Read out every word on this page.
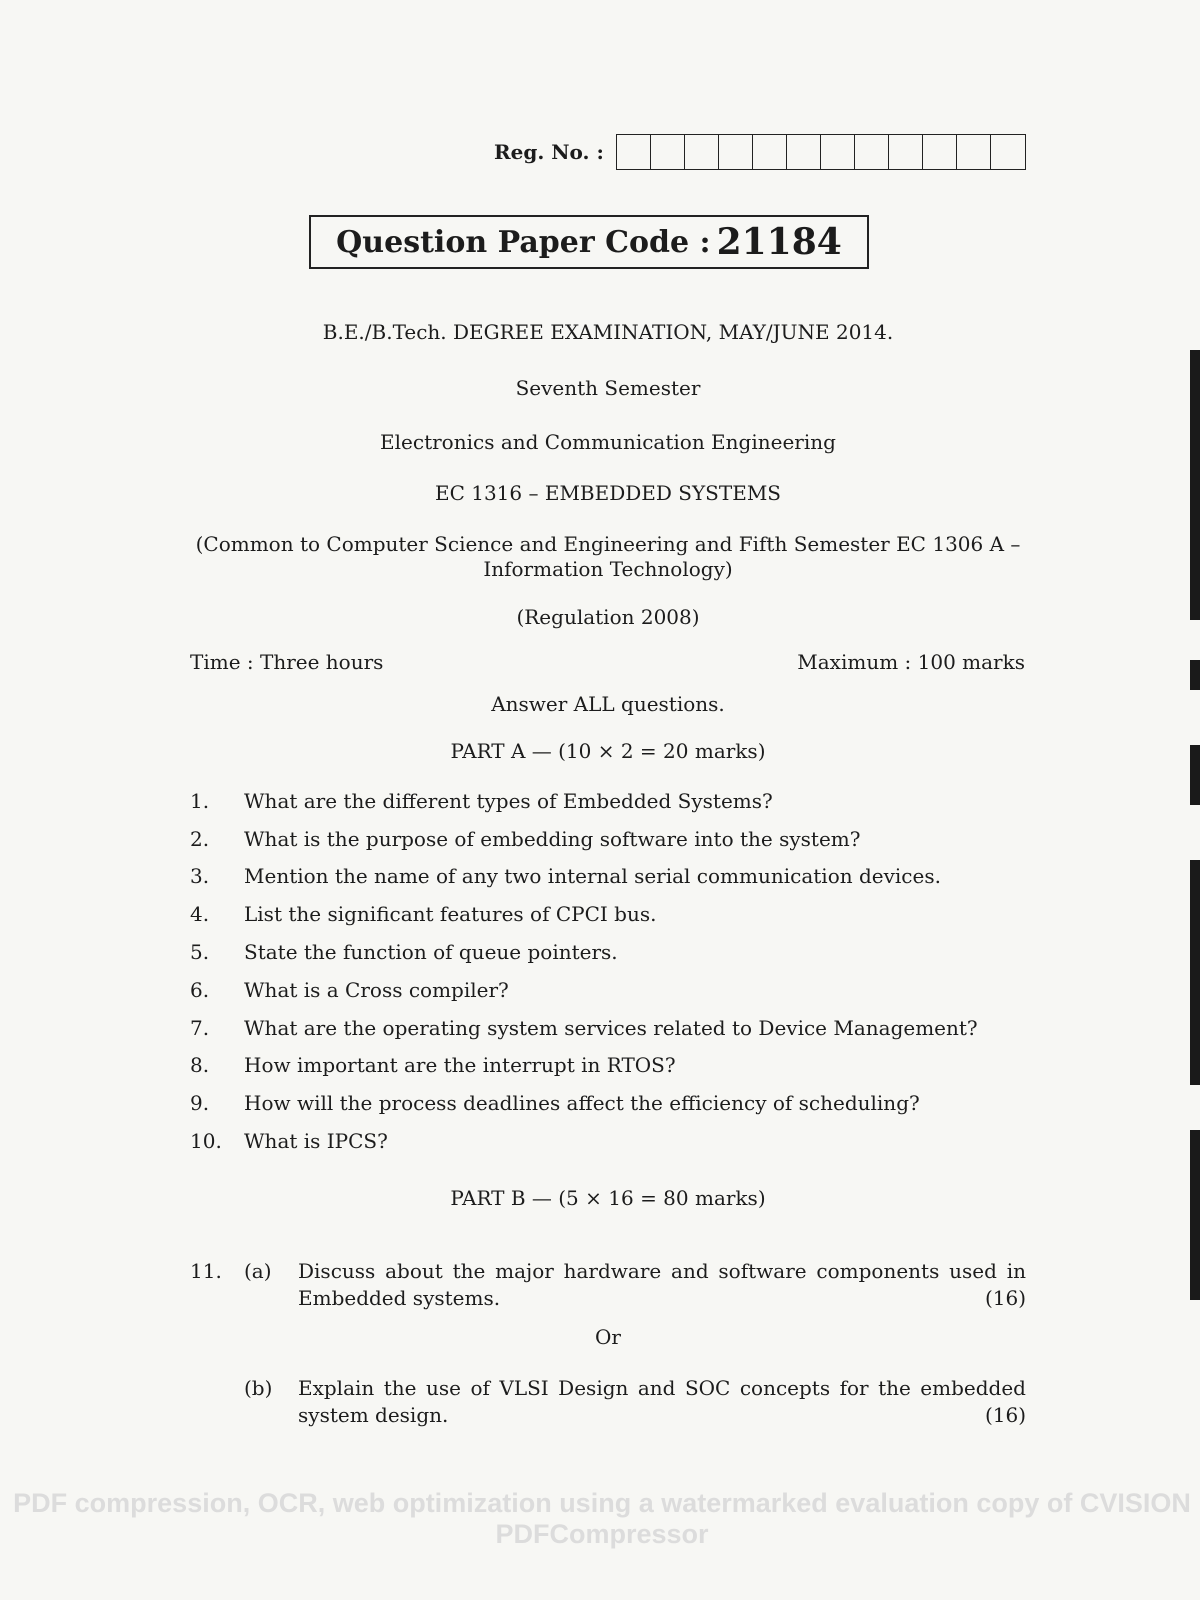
Reg. No. :
Question Paper Code : 21184
B.E./B.Tech. DEGREE EXAMINATION, MAY/JUNE 2014.
Seventh Semester
Electronics and Communication Engineering
EC 1316 – EMBEDDED SYSTEMS
(Common to Computer Science and Engineering and Fifth Semester EC 1306 A –
Information Technology)
(Regulation 2008)
Time : Three hours	Maximum : 100 marks
Answer ALL questions.
PART A — (10 × 2 = 20 marks)
1.	What are the different types of Embedded Systems?
2.	What is the purpose of embedding software into the system?
3.	Mention the name of any two internal serial communication devices.
4.	List the significant features of CPCI bus.
5.	State the function of queue pointers.
6.	What is a Cross compiler?
7.	What are the operating system services related to Device Management?
8.	How important are the interrupt in RTOS?
9.	How will the process deadlines affect the efficiency of scheduling?
10.	What is IPCS?
PART B — (5 × 16 = 80 marks)
11.	(a)	Discuss about the major hardware and software components used in Embedded systems.	(16)
Or
(b)	Explain the use of VLSI Design and SOC concepts for the embedded system design.	(16)
PDF compression, OCR, web optimization using a watermarked evaluation copy of CVISION PDFCompressor
